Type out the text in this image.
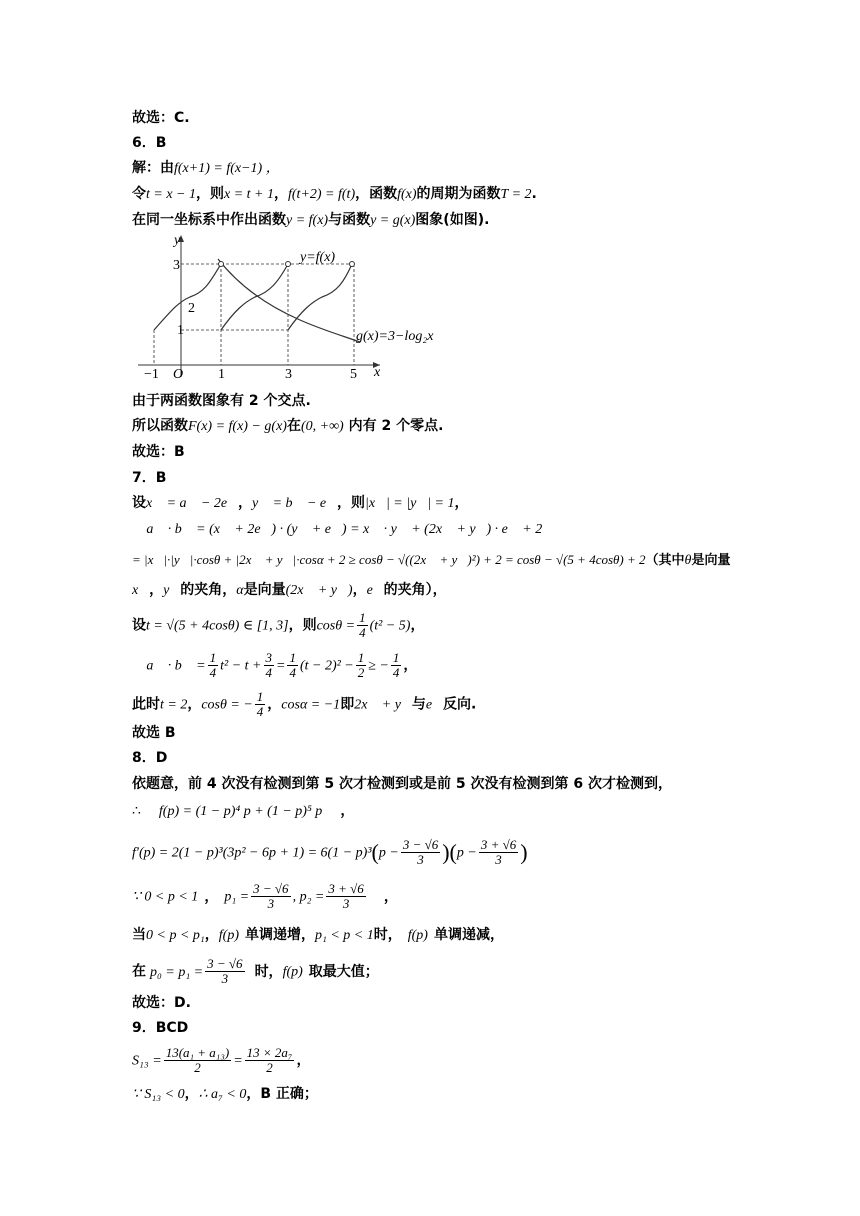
故选：C.
6．B
解：由f(x+1) = f(x−1) ，
令t = x − 1，则x = t + 1，f(t+2) = f(t)，函数f(x)的周期为函数T = 2.
在同一坐标系中作出函数y = f(x)与函数y = g(x)图象(如图).
y
x
O
−1	1	3	5
1
2
3
y=f(x)
g(x)=3−log₂x
由于两函数图象有 2 个交点.
所以函数F(x) = f(x) − g(x)在(0, +∞) 内有 2 个零点.
故选：B
7．B
设x⃗ = a⃗ − 2e⃗，y⃗ = b⃗ − e⃗，则|x⃗| = |y⃗| = 1，
∴ a⃗ · b⃗ = (x⃗ + 2e⃗) · (y⃗ + e⃗) = x⃗ · y⃗ + (2x⃗ + y⃗) · e⃗ + 2
= |x⃗|·|y⃗|·cosθ + |2x⃗ + y⃗|·cosα + 2 ≥ cosθ − √((2x⃗ + y⃗)²) + 2 = cosθ − √(5 + 4cosθ) + 2（其中θ是向量
x⃗，y⃗的夹角，α是向量(2x⃗ + y⃗)，e⃗的夹角），
设t = √(5 + 4cosθ) ∈ [1, 3]，则$\cos\theta = \frac{1}{4} (t^2 - 5)$，
∴ a⃗ · b⃗ = $\frac{1}{4} t^2 - t + \frac{3}{4} = \frac{1}{4} (t - 2)^2 - \frac{1}{2}$ ≥ − $\frac{1}{4}$ ，
此时t = 2，cosθ = − $\frac{1}{4}$ ，cosα = −1即2x⃗ + y⃗与e⃗反向.
故选 B
8．D
依题意，前 4 次没有检测到第 5 次才检测到或是前 5 次没有检测到第 6 次才检测到，
∴ f(p) = (1 − p)⁴ p + (1 − p)⁵ p ，
$f'(p) = 2(1 - p)^3(3p^2 - 6p + 1) = 6(1 - p)^3(p - \frac{3 - √6}{3} )(p - \frac{3 + √6}{3}$ )
∵ 0 < p < 1 ， $p_1 = \frac{3 - √6}{3}$ , $p_2 = \frac{3 + √6}{3}$ ，
当0 < p < p₁，f(p) 单调递增，p₁ < p < 1时， f(p) 单调递减，
在 $p_0 = p_1 = \frac{3 - √6}{3}$ 时，f(p) 取最大值；
故选：D.
9．BCD
$S_{13} = \frac{\text{13(a₁ + a₁₃)}}{2} = \frac{\text{13 × 2a₇}}{2}$ ，
∵ S₁₃ < 0，∴ a₇ < 0，B 正确；
